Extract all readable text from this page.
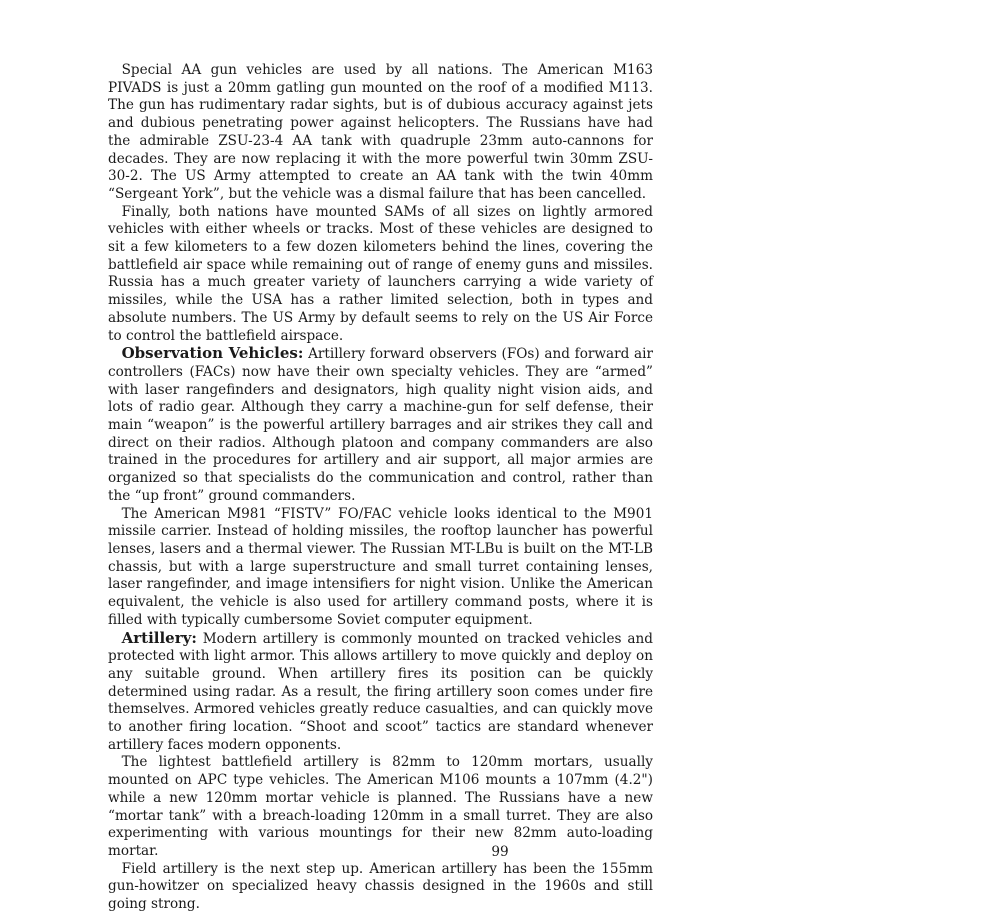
 Special AA gun vehicles are used by all nations. The American M163 PIVADS is just a 20mm gatling gun mounted on the roof of a modified M113. The gun has rudimentary radar sights, but is of dubious accuracy against jets and dubious penetrating power against helicopters. The Russians have had the admirable ZSU-23-4 AA tank with quadruple 23mm auto-cannons for decades. They are now replacing it with the more powerful twin 30mm ZSU-30-2. The US Army attempted to create an AA tank with the twin 40mm “Sergeant York”, but the vehicle was a dismal failure that has been cancelled.

 Finally, both nations have mounted SAMs of all sizes on lightly armored vehicles with either wheels or tracks. Most of these vehicles are designed to sit a few kilometers to a few dozen kilometers behind the lines, covering the battlefield air space while remaining out of range of enemy guns and missiles. Russia has a much greater variety of launchers carrying a wide variety of missiles, while the USA has a rather limited selection, both in types and absolute numbers. The US Army by default seems to rely on the US Air Force to control the battlefield airspace.

 Observation Vehicles: Artillery forward observers (FOs) and forward air controllers (FACs) now have their own specialty vehicles. They are “armed” with laser rangefinders and designators, high quality night vision aids, and lots of radio gear. Although they carry a machine-gun for self defense, their main “weapon” is the powerful artillery barrages and air strikes they call and direct on their radios. Although platoon and company commanders are also trained in the procedures for artillery and air support, all major armies are organized so that specialists do the communication and control, rather than the “up front” ground commanders.

 The American M981 “FISTV” FO/FAC vehicle looks identical to the M901 missile carrier. Instead of holding missiles, the rooftop launcher has powerful lenses, lasers and a thermal viewer. The Russian MT-LBu is built on the MT-LB chassis, but with a large superstructure and small turret containing lenses, laser rangefinder, and image intensifiers for night vision. Unlike the American equivalent, the vehicle is also used for artillery command posts, where it is filled with typically cumbersome Soviet computer equipment.

 Artillery: Modern artillery is commonly mounted on tracked vehicles and protected with light armor. This allows artillery to move quickly and deploy on any suitable ground. When artillery fires its position can be quickly determined using radar. As a result, the firing artillery soon comes under fire themselves. Armored vehicles greatly reduce casualties, and can quickly move to another firing location. “Shoot and scoot” tactics are standard whenever artillery faces modern opponents.

 The lightest battlefield artillery is 82mm to 120mm mortars, usually mounted on APC type vehicles. The American M106 mounts a 107mm (4.2") while a new 120mm mortar vehicle is planned. The Russians have a new “mortar tank” with a breach-loading 120mm in a small turret. They are also experimenting with various mountings for their new 82mm auto-loading mortar.

 Field artillery is the next step up. American artillery has been the 155mm gun-howitzer on specialized heavy chassis designed in the 1960s and still going strong.

99
